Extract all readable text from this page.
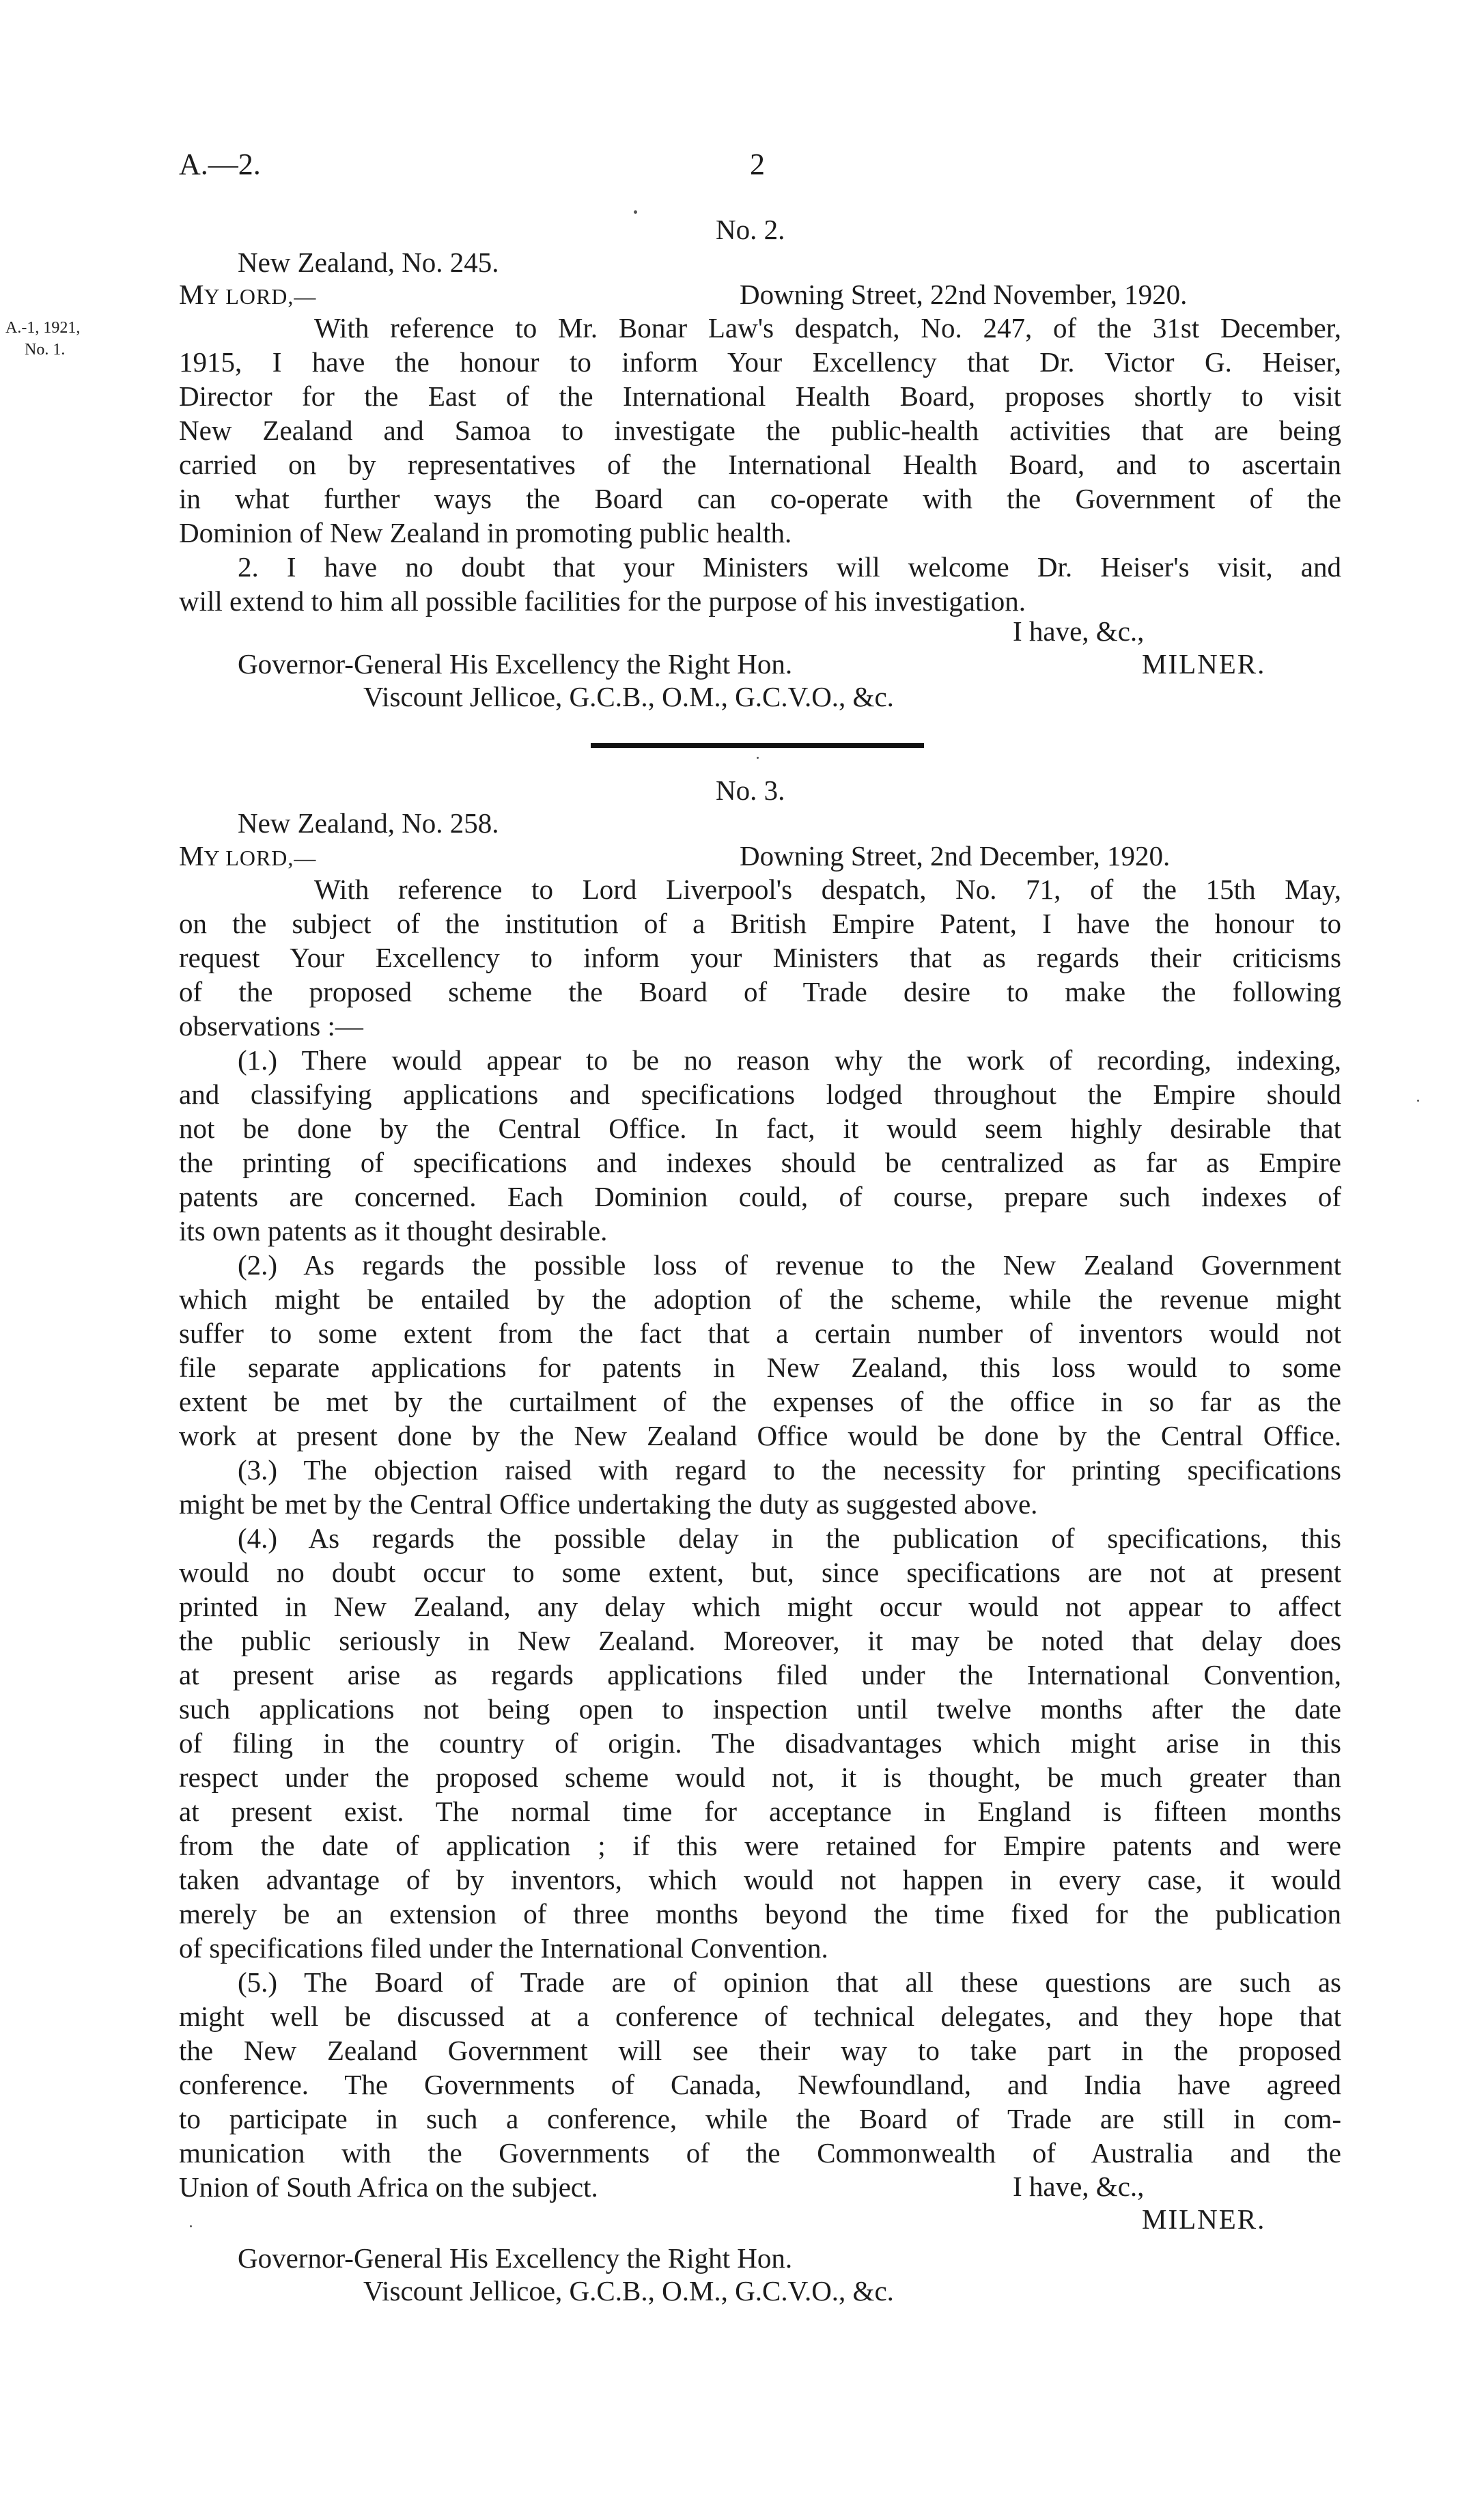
A.—2.	2
No. 2.
New Zealand, No. 245.
MY LORD,—	Downing Street, 22nd November, 1920.
A.-1, 1921,
No. 1.
With reference to Mr. Bonar Law's despatch, No. 247, of the 31st December,
1915, I have the honour to inform Your Excellency that Dr. Victor G. Heiser,
Director for the East of the International Health Board, proposes shortly to visit
New Zealand and Samoa to investigate the public-health activities that are being
carried on by representatives of the International Health Board, and to ascertain
in what further ways the Board can co-operate with the Government of the
Dominion of New Zealand in promoting public health.
2. I have no doubt that your Ministers will welcome Dr. Heiser's visit, and
will extend to him all possible facilities for the purpose of his investigation.
I have, &c.,
Governor-General His Excellency the Right Hon.	MILNER.
Viscount Jellicoe, G.C.B., O.M., G.C.V.O., &c.
No. 3.
New Zealand, No. 258.
MY LORD,—	Downing Street, 2nd December, 1920.
With reference to Lord Liverpool's despatch, No. 71, of the 15th May,
on the subject of the institution of a British Empire Patent, I have the honour to
request Your Excellency to inform your Ministers that as regards their criticisms
of the proposed scheme the Board of Trade desire to make the following
observations :—
(1.) There would appear to be no reason why the work of recording, indexing,
and classifying applications and specifications lodged throughout the Empire should
not be done by the Central Office. In fact, it would seem highly desirable that
the printing of specifications and indexes should be centralized as far as Empire
patents are concerned. Each Dominion could, of course, prepare such indexes of
its own patents as it thought desirable.
(2.) As regards the possible loss of revenue to the New Zealand Government
which might be entailed by the adoption of the scheme, while the revenue might
suffer to some extent from the fact that a certain number of inventors would not
file separate applications for patents in New Zealand, this loss would to some
extent be met by the curtailment of the expenses of the office in so far as the
work at present done by the New Zealand Office would be done by the Central Office.
(3.) The objection raised with regard to the necessity for printing specifications
might be met by the Central Office undertaking the duty as suggested above.
(4.) As regards the possible delay in the publication of specifications, this
would no doubt occur to some extent, but, since specifications are not at present
printed in New Zealand, any delay which might occur would not appear to affect
the public seriously in New Zealand. Moreover, it may be noted that delay does
at present arise as regards applications filed under the International Convention,
such applications not being open to inspection until twelve months after the date
of filing in the country of origin. The disadvantages which might arise in this
respect under the proposed scheme would not, it is thought, be much greater than
at present exist. The normal time for acceptance in England is fifteen months
from the date of application ; if this were retained for Empire patents and were
taken advantage of by inventors, which would not happen in every case, it would
merely be an extension of three months beyond the time fixed for the publication
of specifications filed under the International Convention.
(5.) The Board of Trade are of opinion that all these questions are such as
might well be discussed at a conference of technical delegates, and they hope that
the New Zealand Government will see their way to take part in the proposed
conference. The Governments of Canada, Newfoundland, and India have agreed
to participate in such a conference, while the Board of Trade are still in com-
munication with the Governments of the Commonwealth of Australia and the
Union of South Africa on the subject.	I have, &c.,
MILNER.
Governor-General His Excellency the Right Hon.
Viscount Jellicoe, G.C.B., O.M., G.C.V.O., &c.
